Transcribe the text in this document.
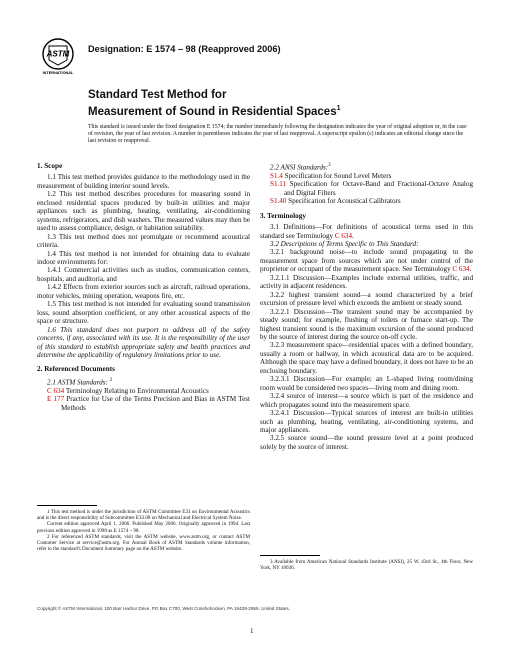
ASTM
INTERNATIONAL
Designation: E 1574 – 98 (Reapproved 2006)
Standard Test Method for
Measurement of Sound in Residential Spaces$^1$
This standard is issued under the fixed designation E 1574; the number immediately following the designation indicates the year of original adoption or, in the case of revision, the year of last revision. A number in parentheses indicates the year of last reapproval. A superscript epsilon (ε) indicates an editorial change since the last revision or reapproval.
1. Scope

1.1 This test method provides guidance to the methodology used in the measurement of building interior sound levels.

1.2 This test method describes procedures for measuring sound in enclosed residential spaces produced by built-in utilities and major appliances such as plumbing, heating, ventilating, air-conditioning systems, refrigerators, and dish washers. The measured values may then be used to assess compliance, design, or habitation suitability.

1.3 This test method does not promulgate or recommend acoustical criteria.

1.4 This test method is not intended for obtaining data to evaluate indoor environments for:

1.4.1 Commercial activities such as studios, communication centers, hospitals, and auditoria, and

1.4.2 Effects from exterior sources such as aircraft, railroad operations, motor vehicles, mining operation, weapons fire, etc.

1.5 This test method is not intended for evaluating sound transmission loss, sound absorption coefficient, or any other acoustical aspects of the space or structure.

1.6 This standard does not purport to address all of the safety concerns, if any, associated with its use. It is the responsibility of the user of this standard to establish appropriate safety and health practices and determine the applicability of regulatory limitations prior to use.

2. Referenced Documents

2.1 ASTM Standards: $^2$

C 634 Terminology Relating to Environmental Acoustics

E 177 Practice for Use of the Terms Precision and Bias in ASTM Test Methods

1 This test method is under the jurisdiction of ASTM Committee E33 on Environmental Acoustics and is the direct responsibility of Subcommittee E33.08 on Mechanical and Electrical System Noise.

Current edition approved April 1, 2006. Published May 2006. Originally approved in 1994. Last previous edition approved in 1998 as E 1574 – 98.

2 For referenced ASTM standards, visit the ASTM website, www.astm.org, or contact ASTM Customer Service at service@astm.org. For Annual Book of ASTM Standards volume information, refer to the standard's Document Summary page on the ASTM website.

2.2 ANSI Standards:$^3$

S1.4 Specification for Sound Level Meters

S1.11 Specification for Octave-Band and Fractional-Octave Analog and Digital Filters

S1.40 Specification for Acoustical Calibrators

3. Terminology

3.1 Definitions—For definitions of acoustical terms used in this standard see Terminology C 634.

3.2 Descriptions of Terms Specific to This Standard:

3.2.1 background noise—to include sound propagating to the measurement space from sources which are not under control of the proprietor or occupant of the measurement space. See Terminology C 634.

3.2.1.1 Discussion—Examples include external utilities, traffic, and activity in adjacent residences.

3.2.2 highest transient sound—a sound characterized by a brief excursion of pressure level which exceeds the ambient or steady sound.

3.2.2.1 Discussion—The transient sound may be accompanied by steady sound; for example, flushing of toilets or furnace start-up. The highest transient sound is the maximum excursion of the sound produced by the source of interest during the source on-off cycle.

3.2.3 measurement space—residential spaces with a defined boundary, usually a room or hallway, in which acoustical data are to be acquired. Although the space may have a defined boundary, it does not have to be an enclosing boundary.

3.2.3.1 Discussion—For example; an L-shaped living room/dining room would be considered two spaces—living room and dining room.

3.2.4 source of interest—a source which is part of the residence and which propagates sound into the measurement space.

3.2.4.1 Discussion—Typical sources of interest are built-in utilities such as plumbing, heating, ventilating, air-conditioning systems, and major appliances.

3.2.5 source sound—the sound pressure level at a point produced solely by the source of interest.

3 Available from American National Standards Institute (ANSI), 25 W. 43rd St., 4th Floor, New York, NY 10036.

Copyright © ASTM International, 100 Barr Harbor Drive, PO Box C700, West Conshohocken, PA 19428-2959, United States.
1
